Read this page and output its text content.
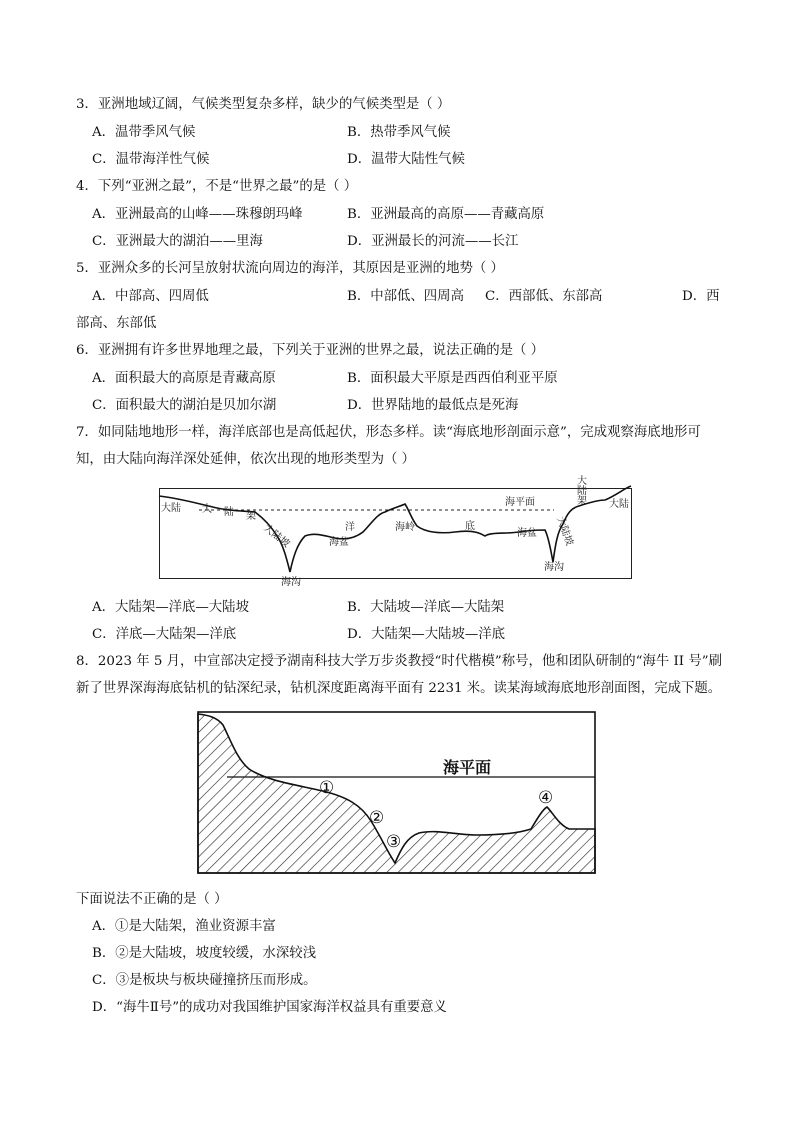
3．亚洲地域辽阔，气候类型复杂多样，缺少的气候类型是（ ）
A．温带季风气候	B．热带季风气候
C．温带海洋性气候	D．温带大陆性气候
4．下列“亚洲之最”，不是“世界之最”的是（ ）
A．亚洲最高的山峰——珠穆朗玛峰	B．亚洲最高的高原——青藏高原
C．亚洲最大的湖泊——里海	D．亚洲最长的河流——长江
5．亚洲众多的长河呈放射状流向周边的海洋，其原因是亚洲的地势（ ）
A．中部高、四周低	B．中部低、四周高 C．西部低、东部高	D．西
部高、东部低
6．亚洲拥有许多世界地理之最，下列关于亚洲的世界之最，说法正确的是（ ）
A．面积最大的高原是青藏高原	B．面积最大平原是西西伯利亚平原
C．面积最大的湖泊是贝加尔湖	D．世界陆地的最低点是死海
7．如同陆地地形一样，海洋底部也是高低起伏，形态多样。读“海底地形剖面示意”，完成观察海底地形可
知，由大陆向海洋深处延伸，依次出现的地形类型为（ ）
大陆 大 陆 架
大陆坡	洋
海盆
海岭	底
海盆
海沟
海沟
海平面
大
陆
架
大陆坡
大陆
A．大陆架—洋底—大陆坡	B．大陆坡—洋底—大陆架
C．洋底—大陆架—洋底	D．大陆架—大陆坡—洋底
8．2023 年 5 月，中宣部决定授予湖南科技大学万步炎教授“时代楷模”称号，他和团队研制的“海牛 II 号”刷
新了世界深海海底钻机的钻深纪录，钻机深度距离海平面有 2231 米。读某海域海底地形剖面图，完成下题。
海平面
①
②
③
④
下面说法不正确的是（ ）
A．①是大陆架，渔业资源丰富
B．②是大陆坡，坡度较缓，水深较浅
C．③是板块与板块碰撞挤压而形成。
D．“海牛Ⅱ号”的成功对我国维护国家海洋权益具有重要意义
